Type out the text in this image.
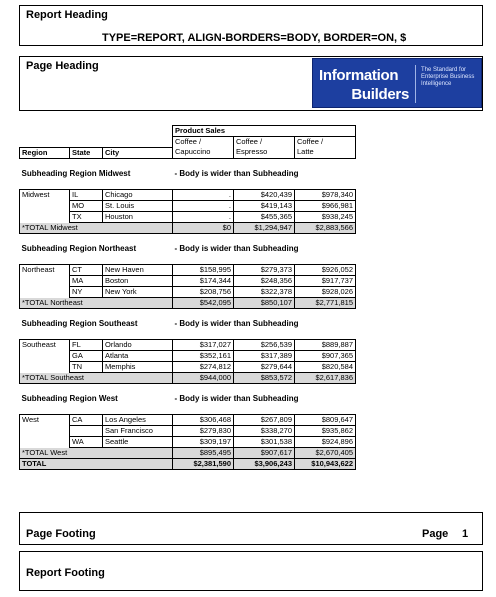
Report Heading
TYPE=REPORT, ALIGN-BORDERS=BODY, BORDER=ON, $
Page Heading
Information
Builders
The Standard for Enterprise Business Intelligence
			Product Sales		
			Coffee /	Coffee /	Coffee /
Region	State	City	Capuccino	Espresso	Latte

Subheading Region Midwest			- Body is wider than Subheading		

Midwest	IL	Chicago	.	$420,439	$978,340
	MO	St. Louis	.	$419,143	$966,981
	TX	Houston	.	$455,365	$938,245
*TOTAL Midwest			$0	$1,294,947	$2,883,566

Subheading Region Northeast			- Body is wider than Subheading		

Northeast	CT	New Haven	$158,995	$279,373	$926,052
	MA	Boston	$174,344	$248,356	$917,737
	NY	New York	$208,756	$322,378	$928,026
*TOTAL Northeast			$542,095	$850,107	$2,771,815

Subheading Region Southeast			- Body is wider than Subheading		

Southeast	FL	Orlando	$317,027	$256,539	$889,887
	GA	Atlanta	$352,161	$317,389	$907,365
	TN	Memphis	$274,812	$279,644	$820,584
*TOTAL Southeast			$944,000	$853,572	$2,617,836

Subheading Region West			- Body is wider than Subheading		

West	CA	Los Angeles	$306,468	$267,809	$809,647
		San Francisco	$279,830	$338,270	$935,862
	WA	Seattle	$309,197	$301,538	$924,896
*TOTAL West			$895,495	$907,617	$2,670,405
TOTAL			$2,381,590	$3,906,243	$10,943,622
Page Footing	Page 1
Report Footing
